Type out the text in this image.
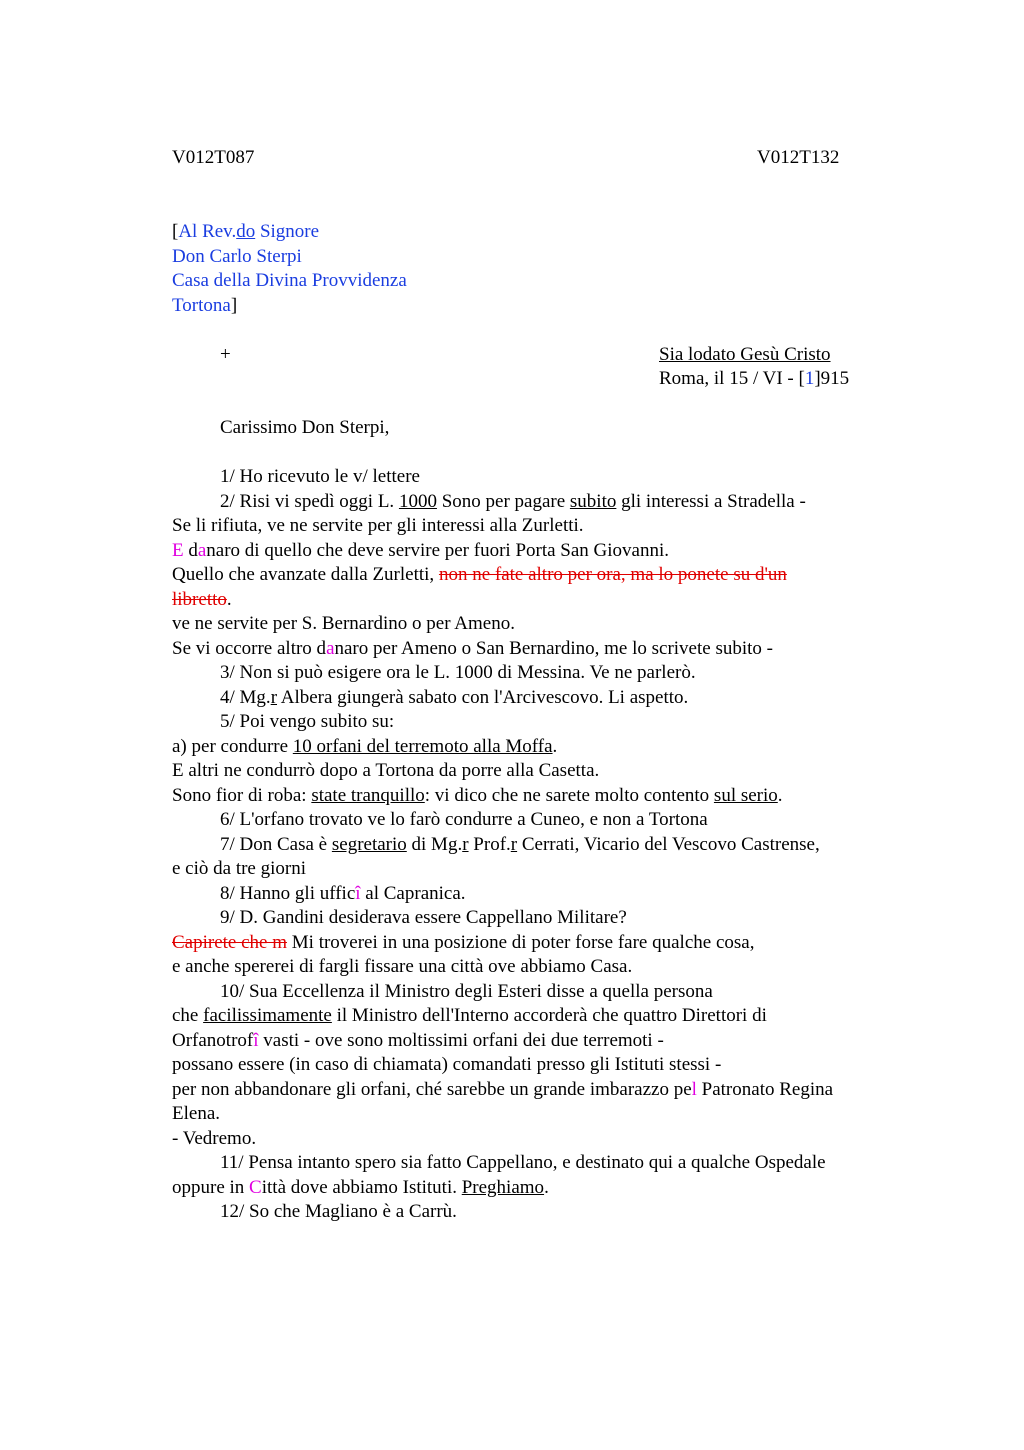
V012T087	V012T132
[Al Rev.do Signore
Don Carlo Sterpi
Casa della Divina Provvidenza
Tortona]
+	Sia lodato Gesù Cristo
Roma, il 15 / VI - [1]915
Carissimo Don Sterpi,
1/ Ho ricevuto le v/ lettere
2/ Risi vi spedì oggi L. 1000 Sono per pagare subito gli interessi a Stradella -
Se li rifiuta, ve ne servite per gli interessi alla Zurletti.
E danaro di quello che deve servire per fuori Porta San Giovanni.
Quello che avanzate dalla Zurletti, non ne fate altro per ora, ma lo ponete su d'un
libretto.
ve ne servite per S. Bernardino o per Ameno.
Se vi occorre altro danaro per Ameno o San Bernardino, me lo scrivete subito -
3/ Non si può esigere ora le L. 1000 di Messina. Ve ne parlerò.
4/ Mg.r Albera giungerà sabato con l'Arcivescovo. Li aspetto.
5/ Poi vengo subito su:
a) per condurre 10 orfani del terremoto alla Moffa.
E altri ne condurrò dopo a Tortona da porre alla Casetta.
Sono fior di roba: state tranquillo: vi dico che ne sarete molto contento sul serio.
6/ L'orfano trovato ve lo farò condurre a Cuneo, e non a Tortona
7/ Don Casa è segretario di Mg.r Prof.r Cerrati, Vicario del Vescovo Castrense,
e ciò da tre giorni
8/ Hanno gli ufficî al Capranica.
9/ D. Gandini desiderava essere Cappellano Militare?
Capirete che m Mi troverei in una posizione di poter forse fare qualche cosa,
e anche spererei di fargli fissare una città ove abbiamo Casa.
10/ Sua Eccellenza il Ministro degli Esteri disse a quella persona
che facilissimamente il Ministro dell'Interno accorderà che quattro Direttori di
Orfanotrofî vasti - ove sono moltissimi orfani dei due terremoti -
possano essere (in caso di chiamata) comandati presso gli Istituti stessi -
per non abbandonare gli orfani, ché sarebbe un grande imbarazzo pel Patronato Regina
Elena.
- Vedremo.
11/ Pensa intanto spero sia fatto Cappellano, e destinato qui a qualche Ospedale
oppure in Città dove abbiamo Istituti. Preghiamo.
12/ So che Magliano è a Carrù.
